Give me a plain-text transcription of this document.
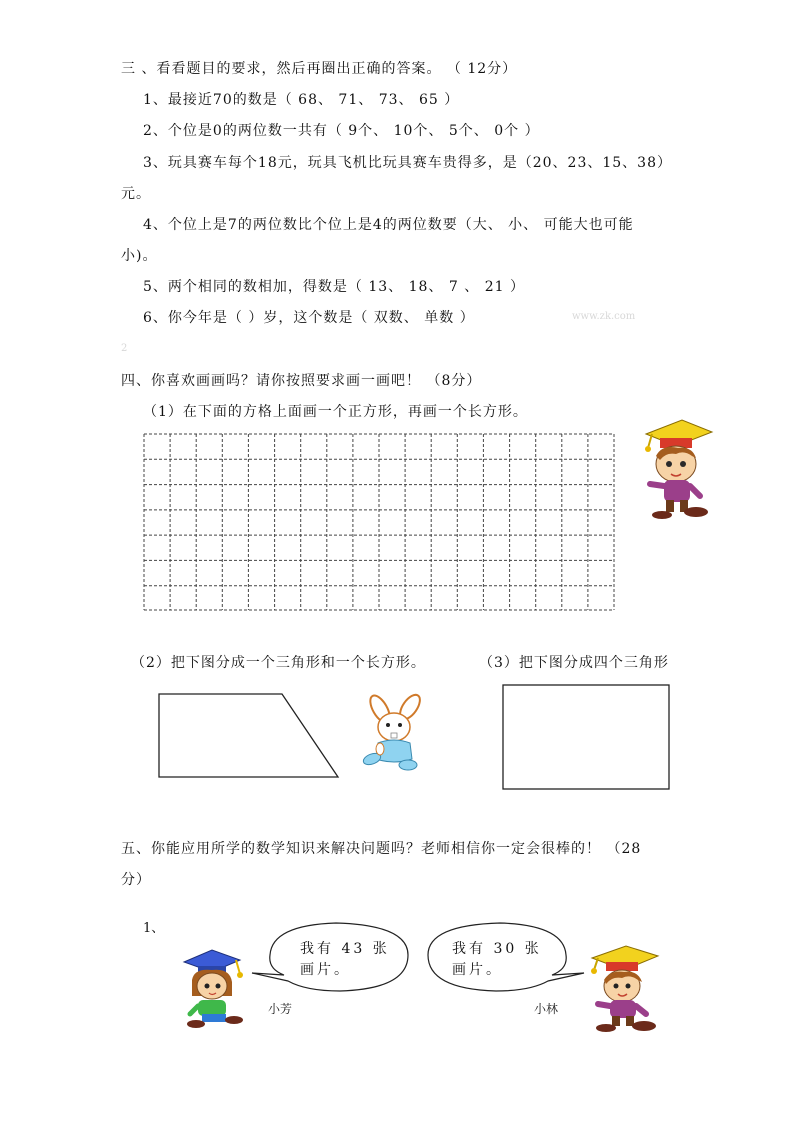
三 、看看题目的要求，然后再圈出正确的答案。 （ 12分）
1、最接近70的数是（ 68、 71、 73、 65 ）
2、个位是0的两位数一共有（ 9个、 10个、 5个、 0个 ）
3、玩具赛车每个18元，玩具飞机比玩具赛车贵得多，是（20、23、15、38）
元。
4、个位上是7的两位数比个位上是4的两位数要（大、 小、 可能大也可能
小)。
5、两个相同的数相加，得数是（ 13、 18、 7 、 21 ）
6、你今年是（ ）岁，这个数是（ 双数、 单数 ）	www.zk.com
2
四、你喜欢画画吗？请你按照要求画一画吧！ （8分）
（1）在下面的方格上面画一个正方形，再画一个长方形。
（2）把下图分成一个三角形和一个长方形。	（3）把下图分成四个三角形
五、你能应用所学的数学知识来解决问题吗？老师相信你一定会很棒的！ （28
分）
1、
我有 43 张
画片。
小芳
我有 30 张
画片。
小林
